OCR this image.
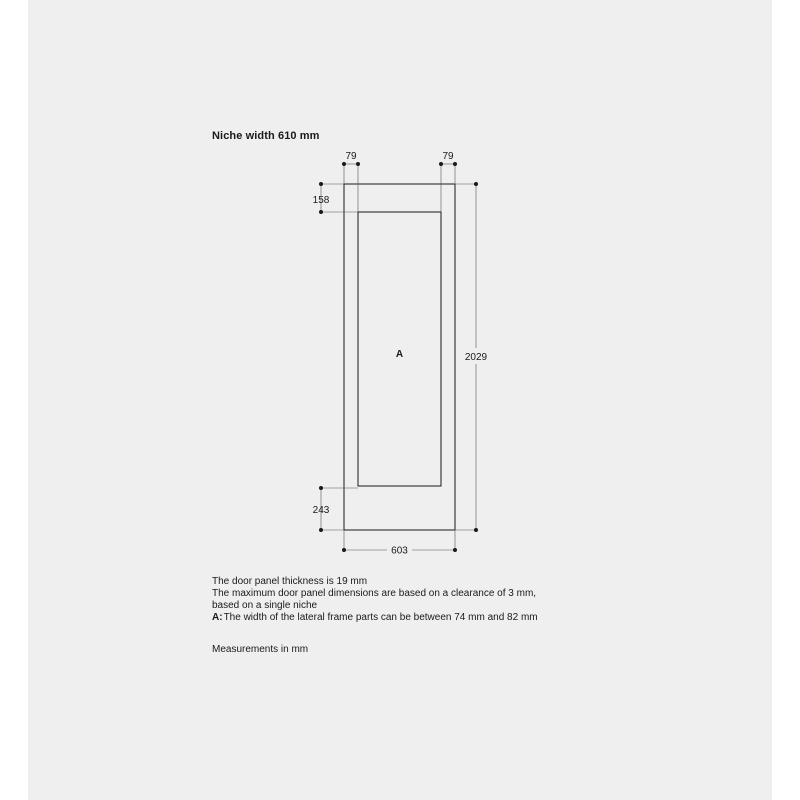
Niche width 610 mm
79	79
158
243
2029
603
A
The door panel thickness is 19 mm
The maximum door panel dimensions are based on a clearance of 3 mm,
based on a single niche
A:The width of the lateral frame parts can be between 74 mm and 82 mm
Measurements in mm
